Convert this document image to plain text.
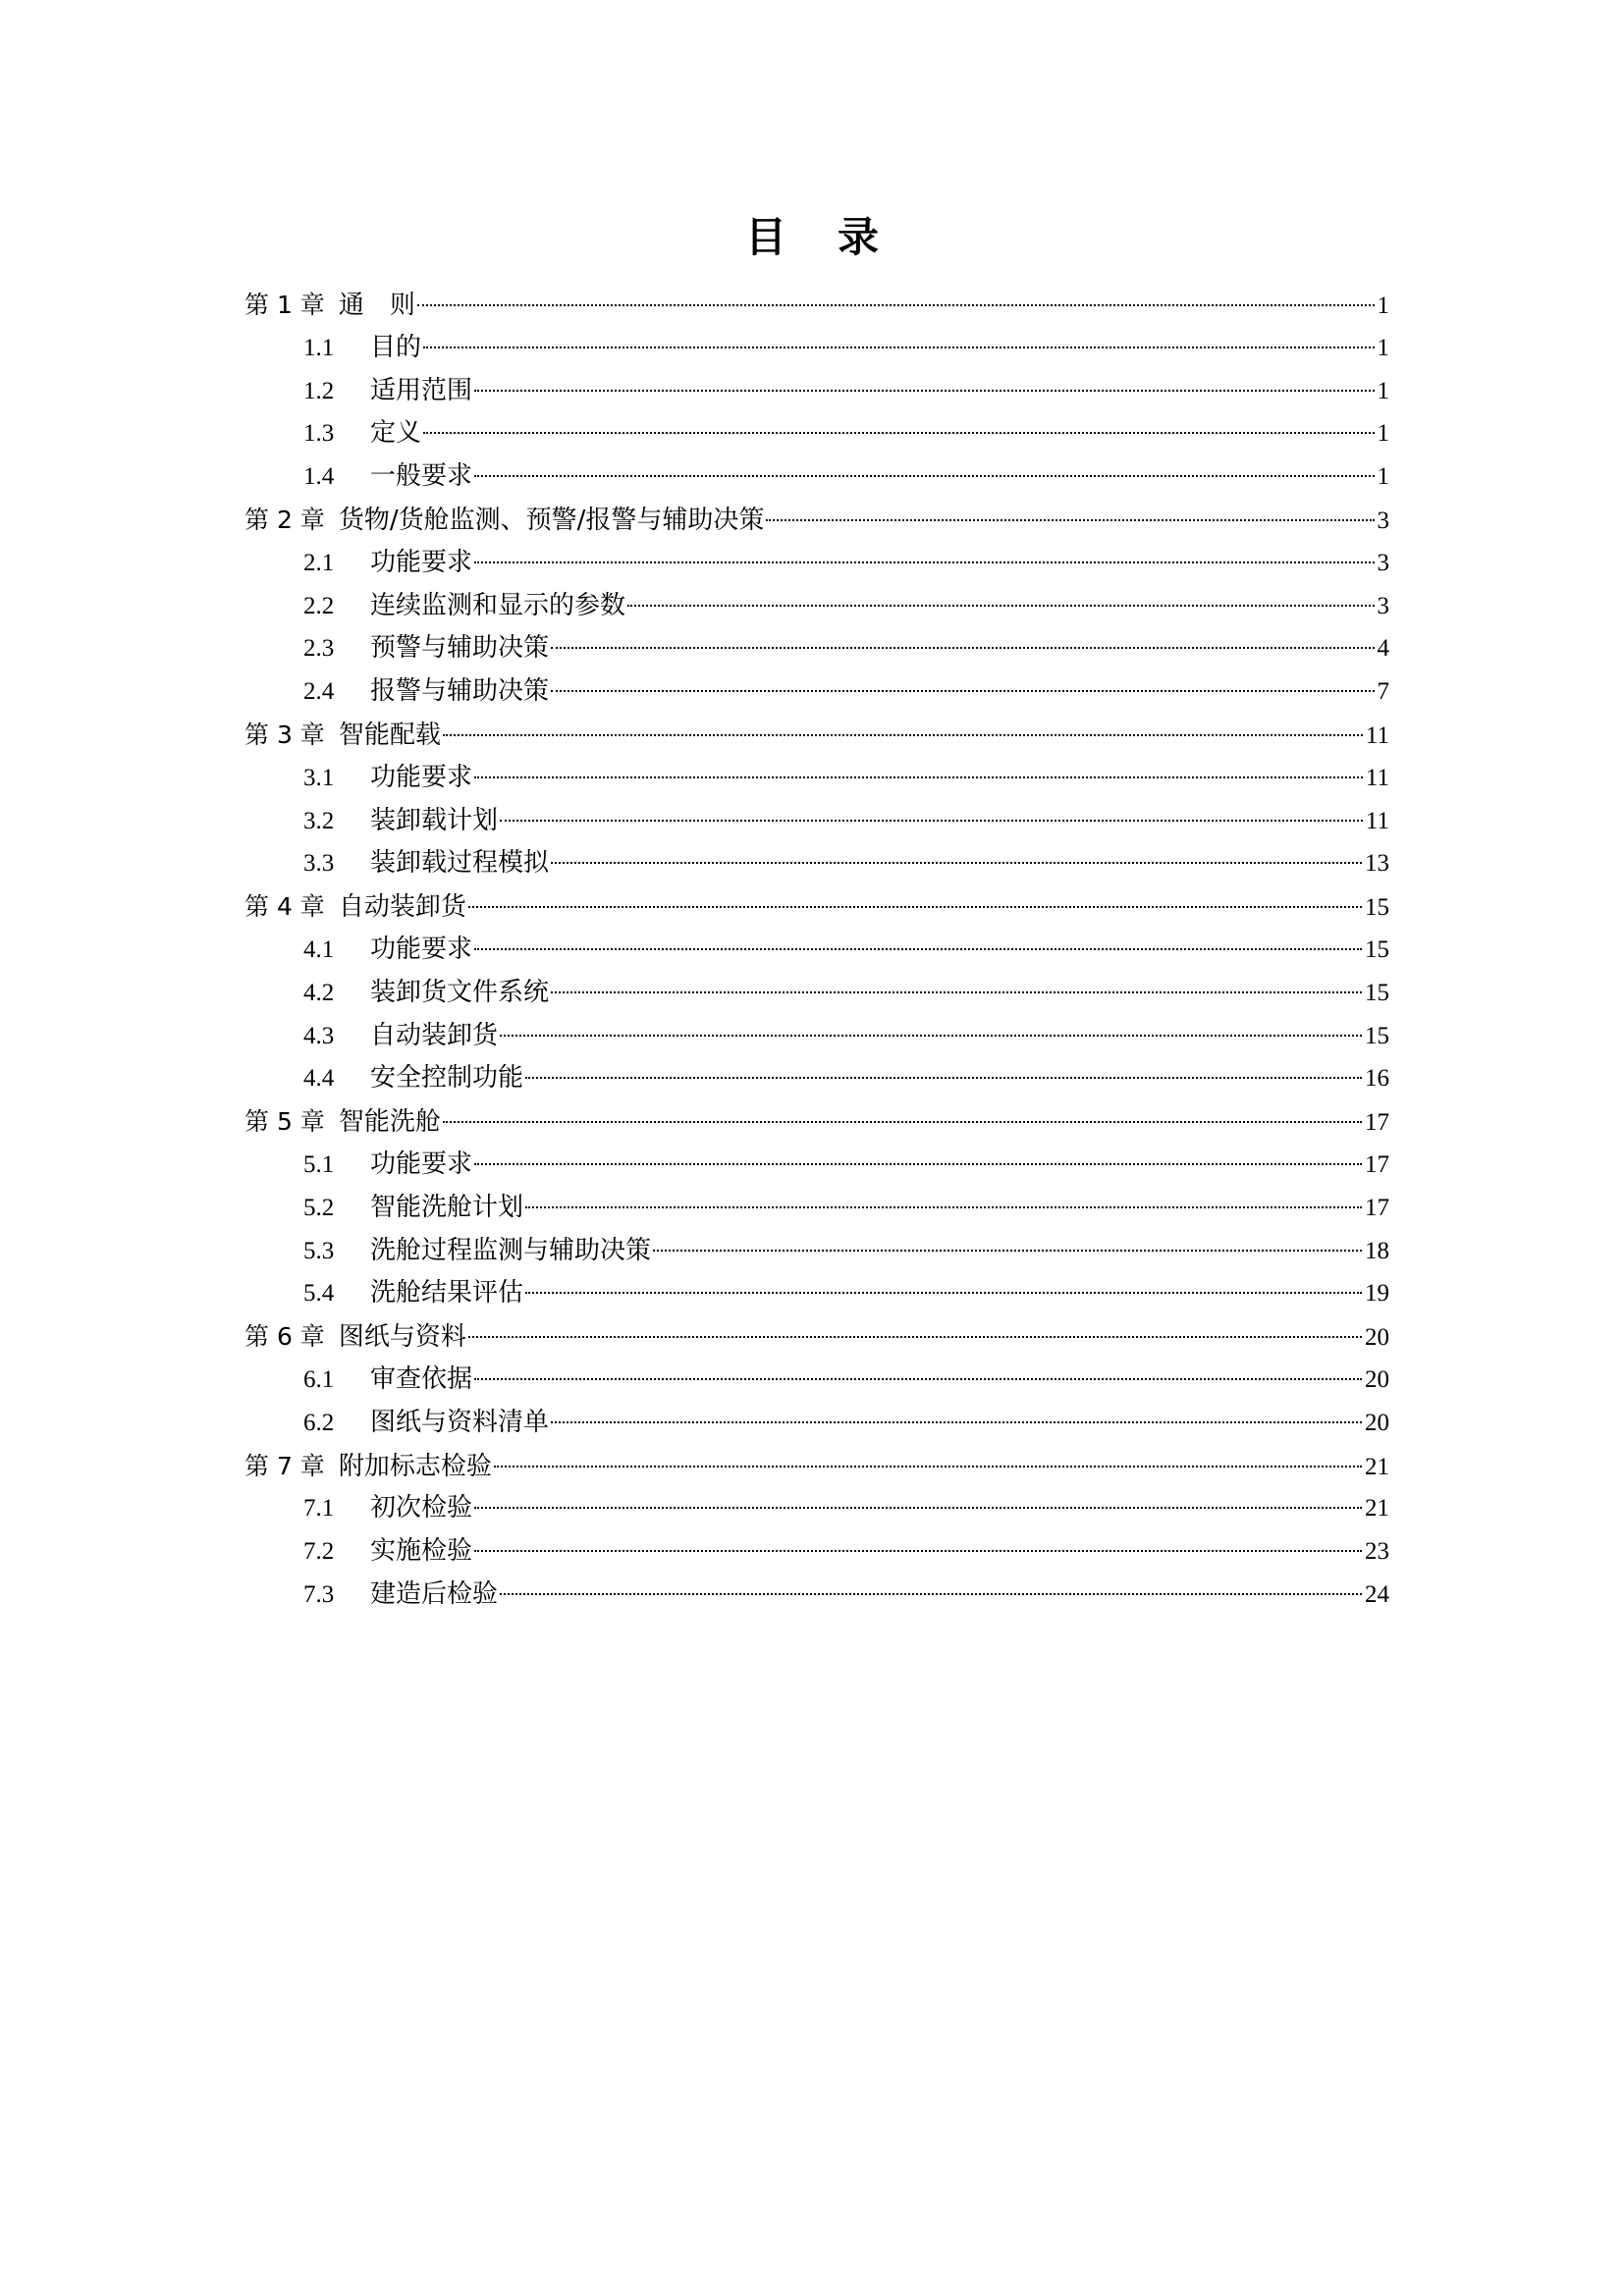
目 录
第 1 章 通　则	1
1.1	目的	1
1.2	适用范围	1
1.3	定义	1
1.4	一般要求	1
第 2 章 货物/货舱监测、预警/报警与辅助决策	3
2.1	功能要求	3
2.2	连续监测和显示的参数	3
2.3	预警与辅助决策	4
2.4	报警与辅助决策	7
第 3 章 智能配载	11
3.1	功能要求	11
3.2	装卸载计划	11
3.3	装卸载过程模拟	13
第 4 章 自动装卸货	15
4.1	功能要求	15
4.2	装卸货文件系统	15
4.3	自动装卸货	15
4.4	安全控制功能	16
第 5 章 智能洗舱	17
5.1	功能要求	17
5.2	智能洗舱计划	17
5.3	洗舱过程监测与辅助决策	18
5.4	洗舱结果评估	19
第 6 章 图纸与资料	20
6.1	审查依据	20
6.2	图纸与资料清单	20
第 7 章 附加标志检验	21
7.1	初次检验	21
7.2	实施检验	23
7.3	建造后检验	24
